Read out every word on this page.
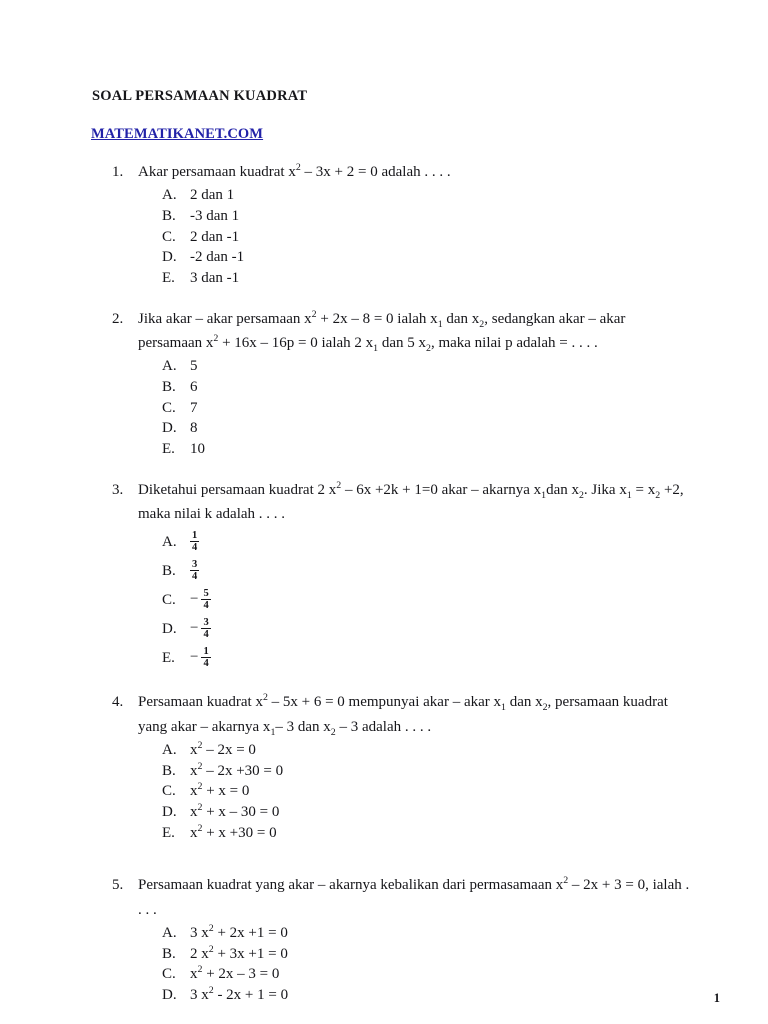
SOAL PERSAMAAN KUADRAT
MATEMATIKANET.COM
1. Akar persamaan kuadrat $x^2 - 3x + 2 = 0$ adalah . . . .
A. 2 dan 1
B. -3 dan 1
C. 2 dan -1
D. -2 dan -1
E.	3 dan -1
2. Jika akar – akar persamaan $x^2 + 2x - 8 = 0$ ialah $x_1$ dan $x_2$, sedangkan akar – akar persamaan $x^2 + 16x - 16p = 0$ ialah 2 $x_1$ dan 5 $x_2$, maka nilai p adalah = . . . .
A. 5
B. 6
C. 7
D. 8
E.	10
3. Diketahui persamaan kuadrat 2 $x^2 - 6x +2k + 1=0$ akar – akarnya $x_1dan$ $x_2$. Jika $x_1 = x_2 +2$, maka nilai k adalah . . . .
A.	$\frac{1}{4}$
B.	$\frac{3}{4}$
C. − $\frac{5}{4}$
D. − $\frac{3}{4}$
E.	− $\frac{1}{4}$
4. Persamaan kuadrat $x^2 - 5x + 6 = 0$ mempunyai akar – akar $x_1$ dan $x_2$, persamaan kuadrat yang akar – akarnya $x_1-$ 3 dan $x_2 - 3$ adalah . . . .
A. $x^2 - 2x = 0$
B. $x^2 - 2x +30 = 0$
C. $x^2 + x = 0$
D. $x^2 + x - 30 = 0$
E.	$x^2 + x +30 = 0$
5. Persamaan kuadrat yang akar – akarnya kebalikan dari permasamaan $x^2 - 2x + 3 = 0$, ialah . . . .
A. 3 $x^2 + 2x +1 = 0$
B. 2 $x^2 + 3x +1 = 0$
C. $x^2 + 2x - 3 = 0$
D. 3 $x^2 - 2x + 1 = 0$	1
